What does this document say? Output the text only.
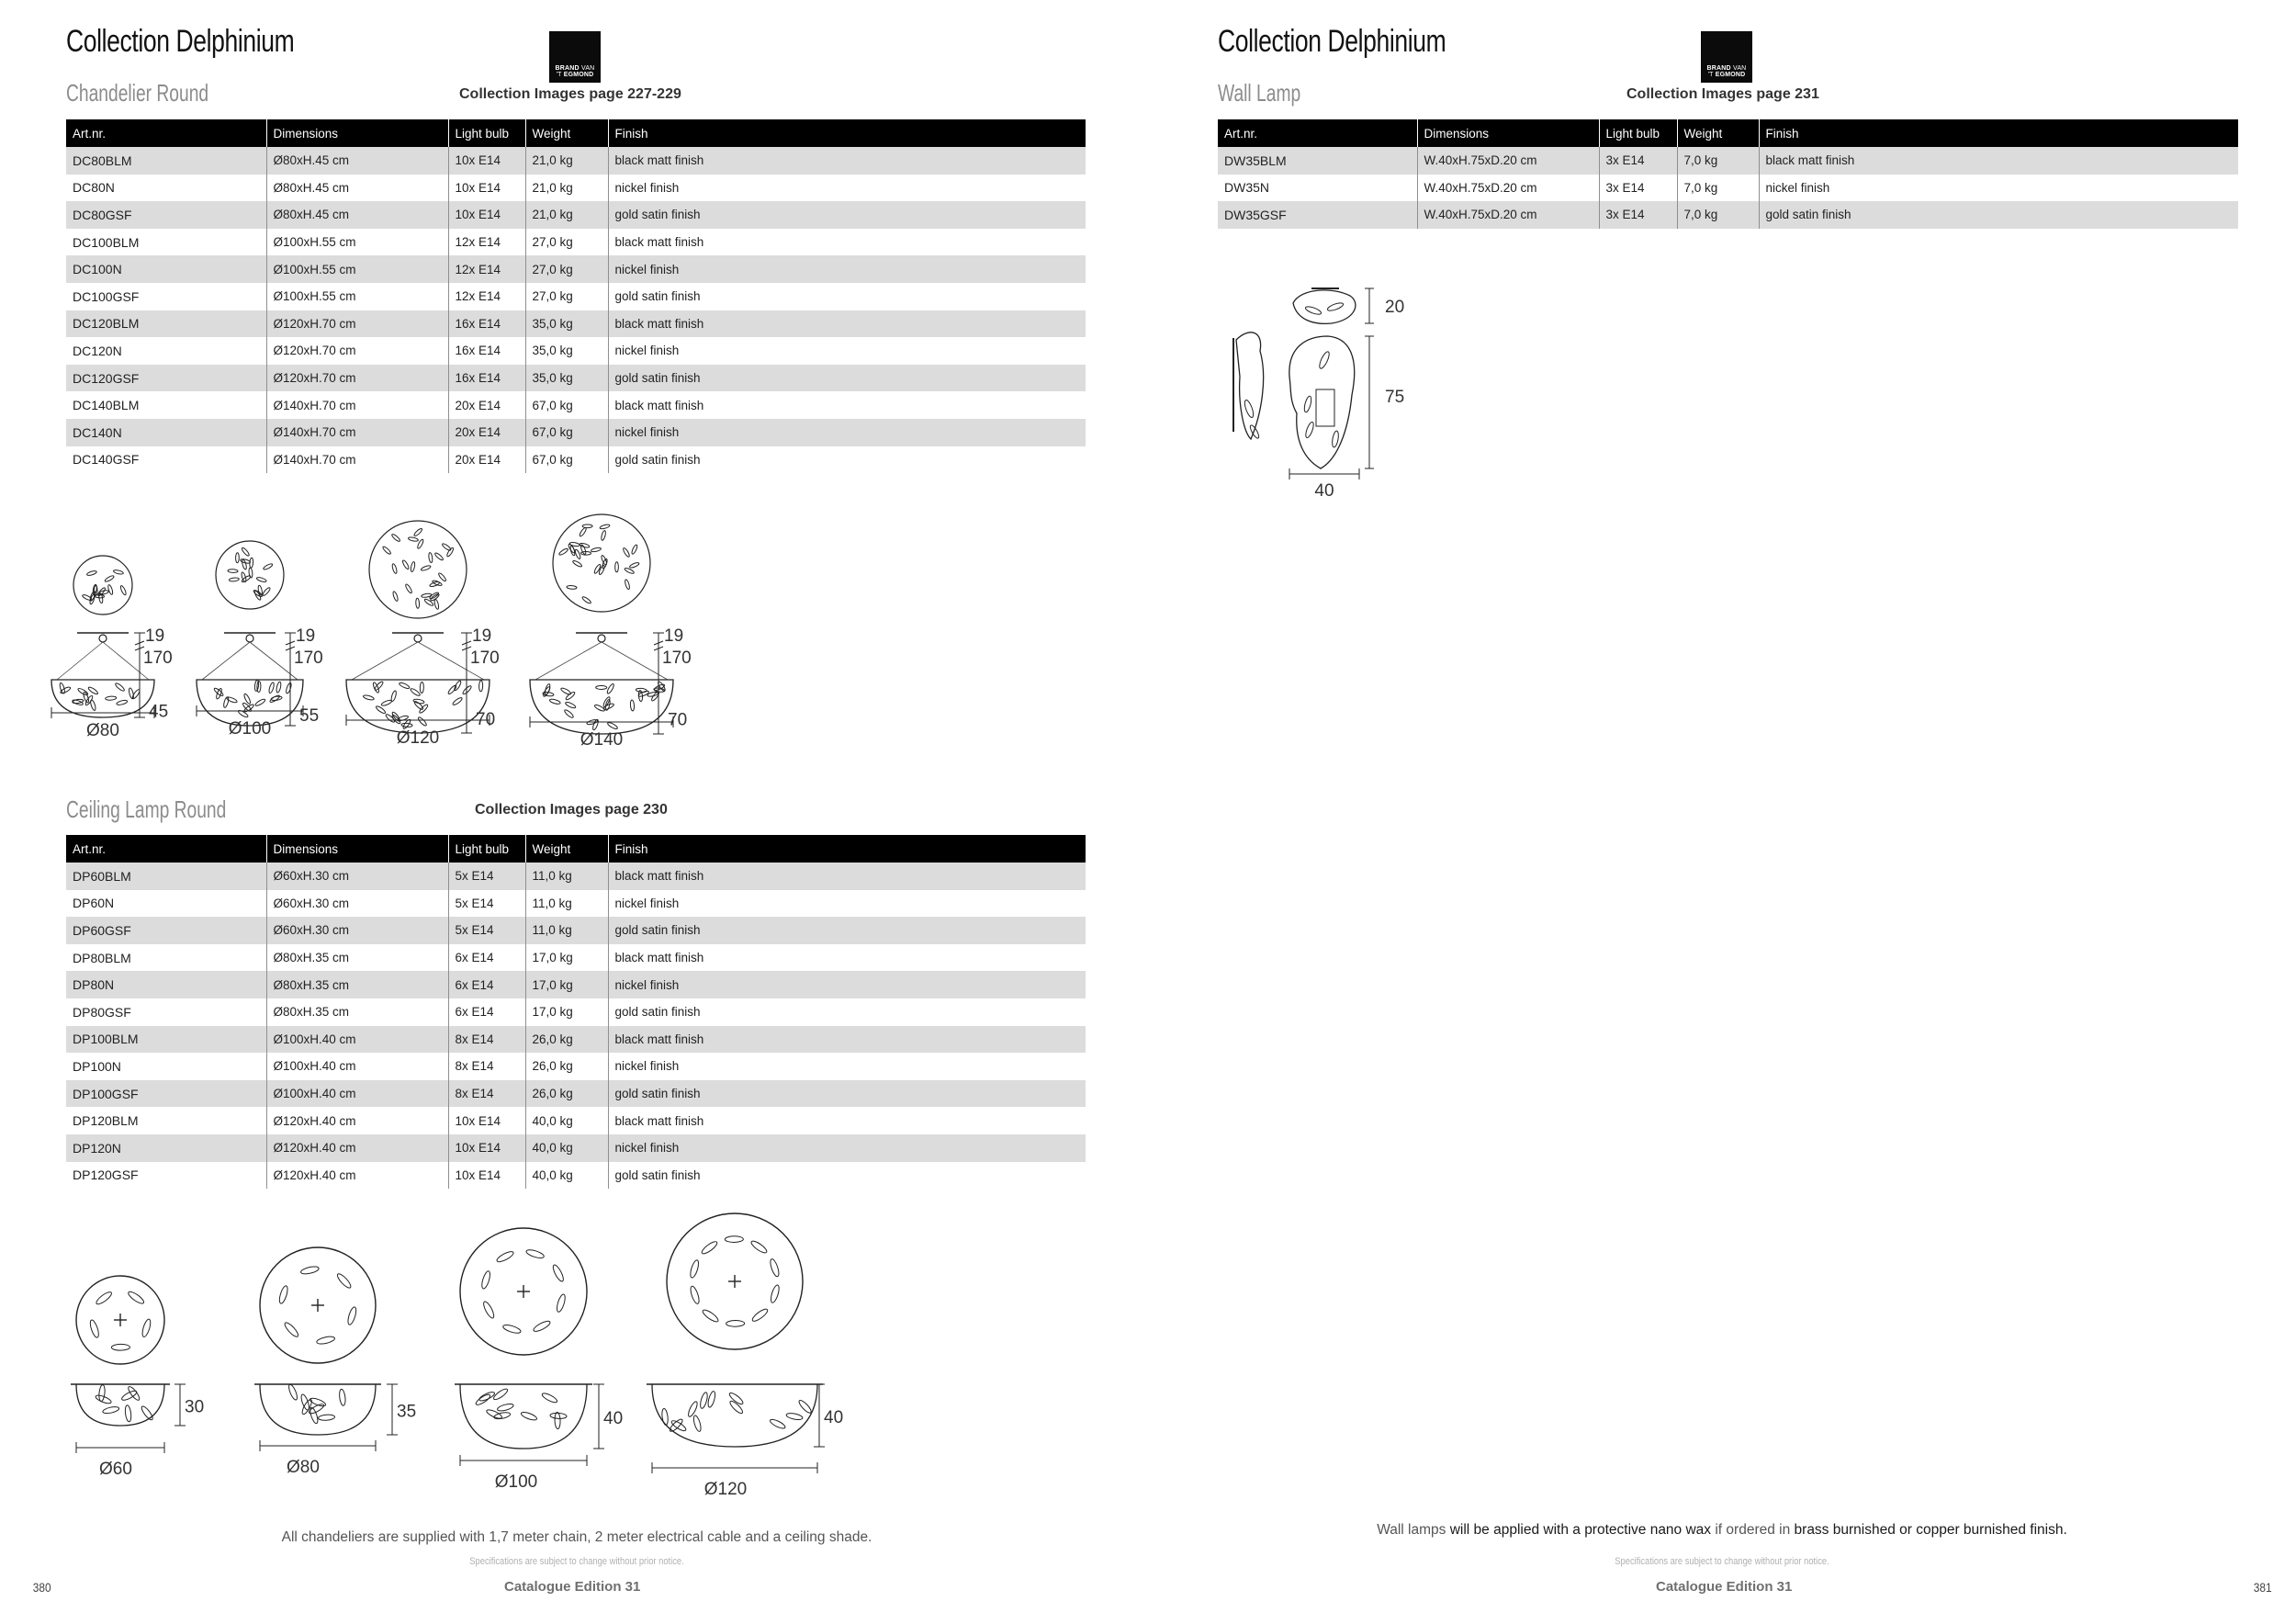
Collection Delphinium
BRAND VAN
'T EGMOND
Chandelier Round	Collection Images page 227-229
Art.nr.	Dimensions	Light bulb	Weight	Finish
DC80BLM	Ø80xH.45 cm	10x E14	21,0 kg	black matt finish
DC80N	Ø80xH.45 cm	10x E14	21,0 kg	nickel finish
DC80GSF	Ø80xH.45 cm	10x E14	21,0 kg	gold satin finish
DC100BLM	Ø100xH.55 cm	12x E14	27,0 kg	black matt finish
DC100N	Ø100xH.55 cm	12x E14	27,0 kg	nickel finish
DC100GSF	Ø100xH.55 cm	12x E14	27,0 kg	gold satin finish
DC120BLM	Ø120xH.70 cm	16x E14	35,0 kg	black matt finish
DC120N	Ø120xH.70 cm	16x E14	35,0 kg	nickel finish
DC120GSF	Ø120xH.70 cm	16x E14	35,0 kg	gold satin finish
DC140BLM	Ø140xH.70 cm	20x E14	67,0 kg	black matt finish
DC140N	Ø140xH.70 cm	20x E14	67,0 kg	nickel finish
DC140GSF	Ø140xH.70 cm	20x E14	67,0 kg	gold satin finish
19
170
45
Ø80
19
170
55
Ø100
19
170
70
Ø120
19
170
70
Ø140
Ceiling Lamp Round	Collection Images page 230
Art.nr.	Dimensions	Light bulb	Weight	Finish
DP60BLM	Ø60xH.30 cm	5x E14	11,0 kg	black matt finish
DP60N	Ø60xH.30 cm	5x E14	11,0 kg	nickel finish
DP60GSF	Ø60xH.30 cm	5x E14	11,0 kg	gold satin finish
DP80BLM	Ø80xH.35 cm	6x E14	17,0 kg	black matt finish
DP80N	Ø80xH.35 cm	6x E14	17,0 kg	nickel finish
DP80GSF	Ø80xH.35 cm	6x E14	17,0 kg	gold satin finish
DP100BLM	Ø100xH.40 cm	8x E14	26,0 kg	black matt finish
DP100N	Ø100xH.40 cm	8x E14	26,0 kg	nickel finish
DP100GSF	Ø100xH.40 cm	8x E14	26,0 kg	gold satin finish
DP120BLM	Ø120xH.40 cm	10x E14	40,0 kg	black matt finish
DP120N	Ø120xH.40 cm	10x E14	40,0 kg	nickel finish
DP120GSF	Ø120xH.40 cm	10x E14	40,0 kg	gold satin finish
30
Ø60
35
Ø80
40
Ø100
40
Ø120
All chandeliers are supplied with 1,7 meter chain, 2 meter electrical cable and a ceiling shade.
Specifications are subject to change without prior notice.
380	Catalogue Edition 31
Collection Delphinium
BRAND VAN
'T EGMOND
Wall Lamp	Collection Images page 231
Art.nr.	Dimensions	Light bulb	Weight	Finish
DW35BLM	W.40xH.75xD.20 cm	3x E14	7,0 kg	black matt finish
DW35N	W.40xH.75xD.20 cm	3x E14	7,0 kg	nickel finish
DW35GSF	W.40xH.75xD.20 cm	3x E14	7,0 kg	gold satin finish
20
75
40
Wall lamps will be applied with a protective nano wax if ordered in brass burnished or copper burnished finish.
Specifications are subject to change without prior notice.
381
Catalogue Edition 31
